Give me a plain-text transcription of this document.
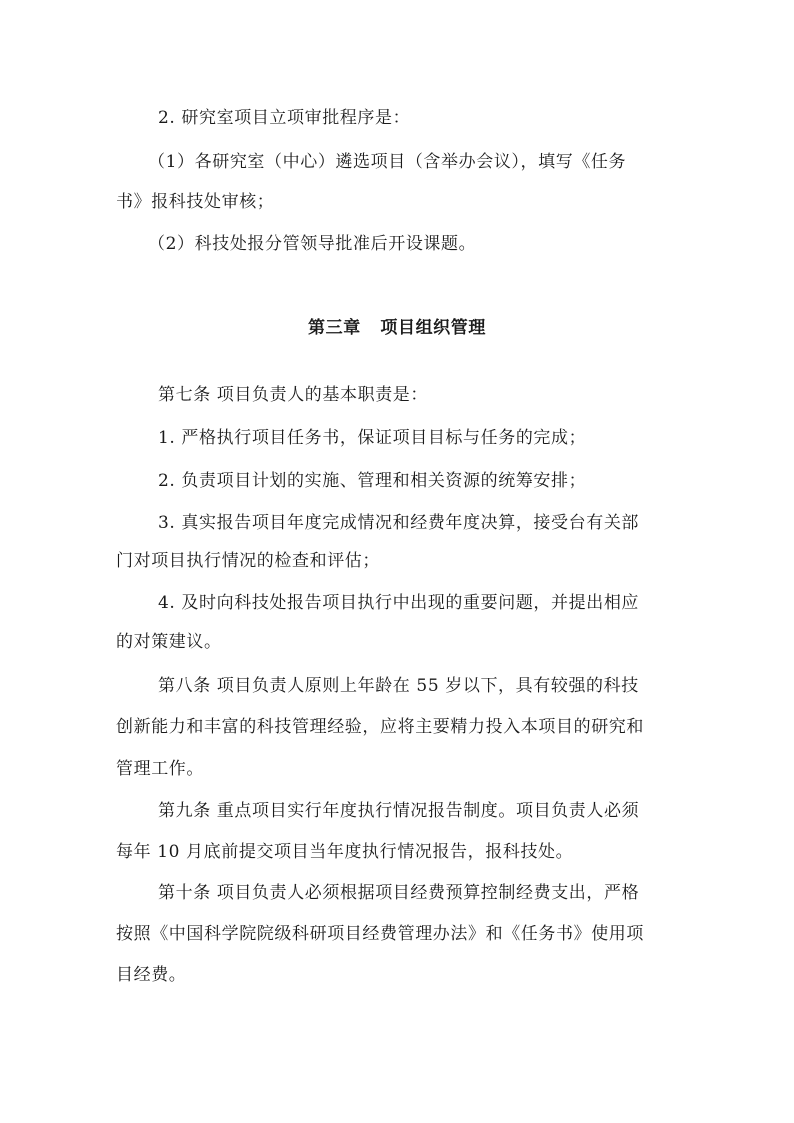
2. 研究室项目立项审批程序是：
（1）各研究室（中心）遴选项目（含举办会议），填写《任务
书》报科技处审核；
（2）科技处报分管领导批准后开设课题。
第三章   项目组织管理
第七条 项目负责人的基本职责是：
1. 严格执行项目任务书，保证项目目标与任务的完成；
2. 负责项目计划的实施、管理和相关资源的统筹安排；
3. 真实报告项目年度完成情况和经费年度决算，接受台有关部
门对项目执行情况的检查和评估；
4. 及时向科技处报告项目执行中出现的重要问题，并提出相应
的对策建议。
第八条 项目负责人原则上年龄在 55 岁以下，具有较强的科技
创新能力和丰富的科技管理经验，应将主要精力投入本项目的研究和
管理工作。
第九条 重点项目实行年度执行情况报告制度。项目负责人必须
每年 10 月底前提交项目当年度执行情况报告，报科技处。
第十条 项目负责人必须根据项目经费预算控制经费支出，严格
按照《中国科学院院级科研项目经费管理办法》和《任务书》使用项
目经费。
